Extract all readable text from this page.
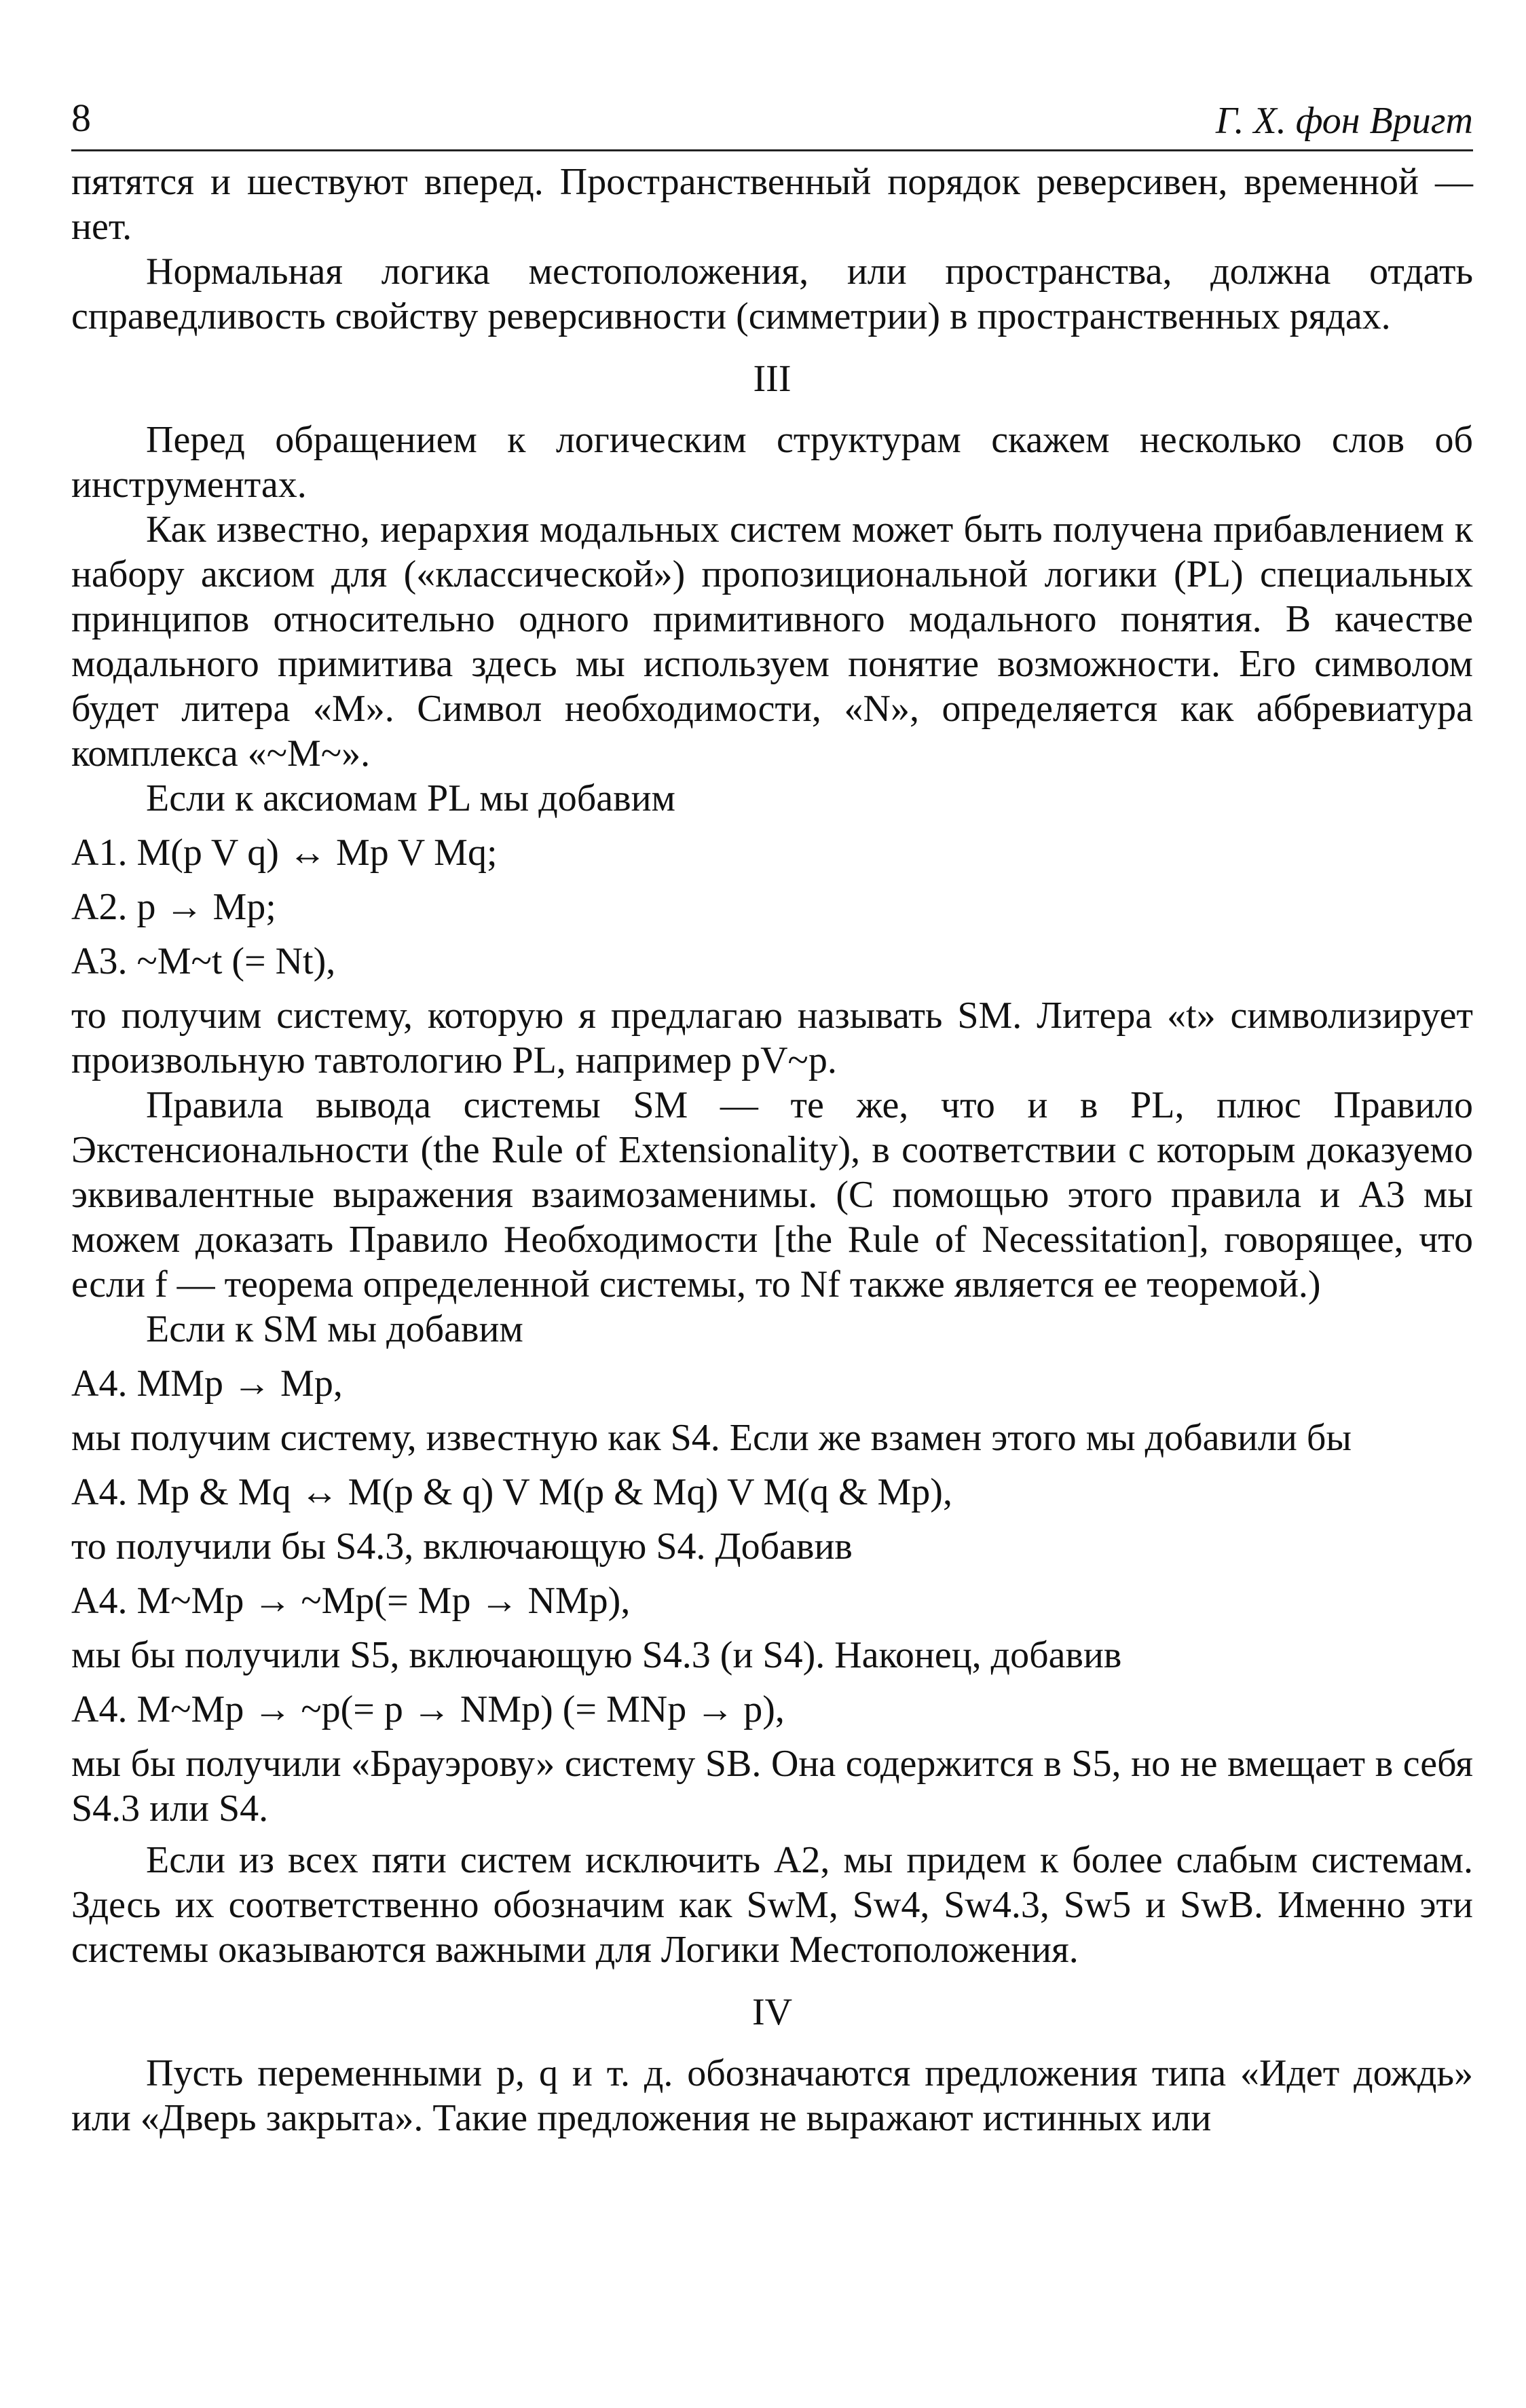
8	Г. Х. фон Вригт

пятятся и шествуют вперед. Пространственный порядок реверсивен, временной — нет.

Нормальная логика местоположения, или пространства, должна отдать справедливость свойству реверсивности (симметрии) в пространственных рядах.

III

Перед обращением к логическим структурам скажем несколько слов об инструментах.

Как известно, иерархия модальных систем может быть получена прибавлением к набору аксиом для («классической») пропозициональной логики (PL) специальных принципов относительно одного примитивного модального понятия. В качестве модального примитива здесь мы используем понятие возможности. Его символом будет литера «M». Символ необходимости, «N», определяется как аббревиатура комплекса «~M~».

Если к аксиомам PL мы добавим

A1. M(p V q) ↔ Mp V Mq;

A2. p → Mp;

A3. ~M~t (= Nt),

то получим систему, которую я предлагаю называть SM. Литера «t» символизирует произвольную тавтологию PL, например pV~p.

Правила вывода системы SM — те же, что и в PL, плюс Правило Экстенсиональности (the Rule of Extensionality), в соответствии с которым доказуемо эквивалентные выражения взаимозаменимы. (С помощью этого правила и A3 мы можем доказать Правило Необходимости [the Rule of Necessitation], говорящее, что если f — теорема определенной системы, то Nf также является ее теоремой.)

Если к SM мы добавим

A4. MMp → Mp,

мы получим систему, известную как S4. Если же взамен этого мы добавили бы

A4. Mp & Mq ↔ M(p & q) V M(p & Mq) V M(q & Mp),

то получили бы S4.3, включающую S4. Добавив

A4. M~Mp → ~Mp(= Mp → NMp),

мы бы получили S5, включающую S4.3 (и S4). Наконец, добавив

A4. M~Mp → ~p(= p → NMp) (= MNp → p),

мы бы получили «Брауэрову» систему SB. Она содержится в S5, но не вмещает в себя S4.3 или S4.

Если из всех пяти систем исключить A2, мы придем к более слабым системам. Здесь их соответственно обозначим как SwM, Sw4, Sw4.3, Sw5 и SwB. Именно эти системы оказываются важными для Логики Местоположения.

IV

Пусть переменными p, q и т. д. обозначаются предложения типа «Идет дождь» или «Дверь закрыта». Такие предложения не выражают истинных или
